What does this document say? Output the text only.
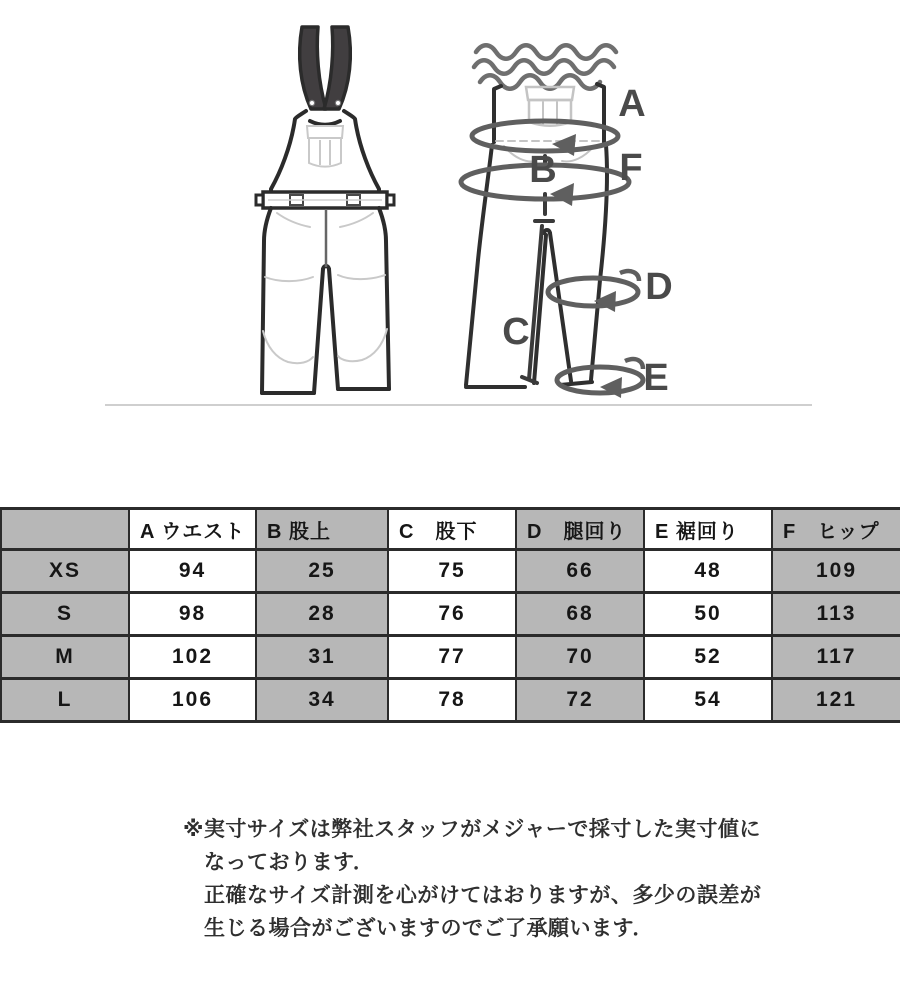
A
B
C
D
E
F
	A ウエスト	B 股上	C　股下	D　腿回り	E 裾回り	F　ヒップ
XS	94	25	75	66	48	109
S	98	28	76	68	50	113
M	102	31	77	70	52	117
L	106	34	78	72	54	121
※実寸サイズは弊社スタッフがメジャーで採寸した実寸値に
なっております．
正確なサイズ計測を心がけてはおりますが、多少の誤差が
生じる場合がございますのでご了承願います．
